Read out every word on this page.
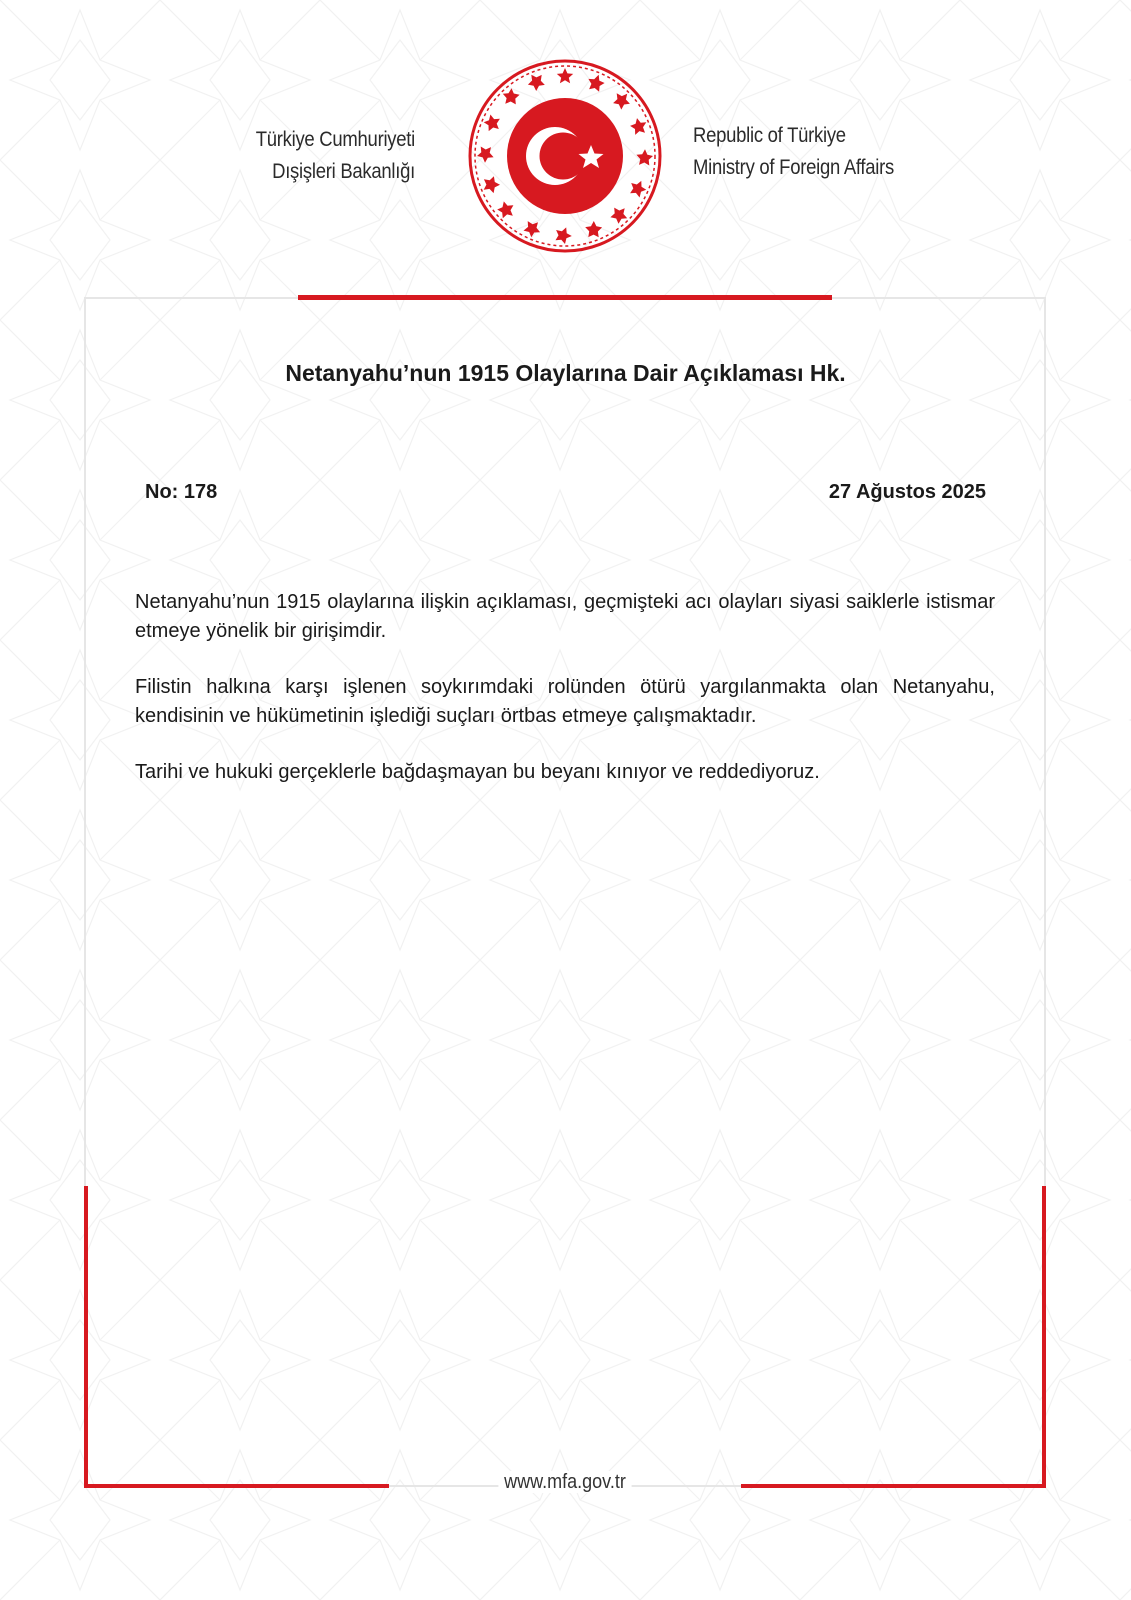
Türkiye Cumhuriyeti
Dışişleri Bakanlığı
Republic of Türkiye
Ministry of Foreign Affairs
Netanyahu’nun 1915 Olaylarına Dair Açıklaması Hk.
No: 178	27 Ağustos 2025

Netanyahu’nun 1915 olaylarına ilişkin açıklaması, geçmişteki acı olayları siyasi saiklerle istismar etmeye yönelik bir girişimdir.

Filistin halkına karşı işlenen soykırımdaki rolünden ötürü yargılanmakta olan Netanyahu, kendisinin ve hükümetinin işlediği suçları örtbas etmeye çalışmaktadır.

Tarihi ve hukuki gerçeklerle bağdaşmayan bu beyanı kınıyor ve reddediyoruz.

www.mfa.gov.tr
